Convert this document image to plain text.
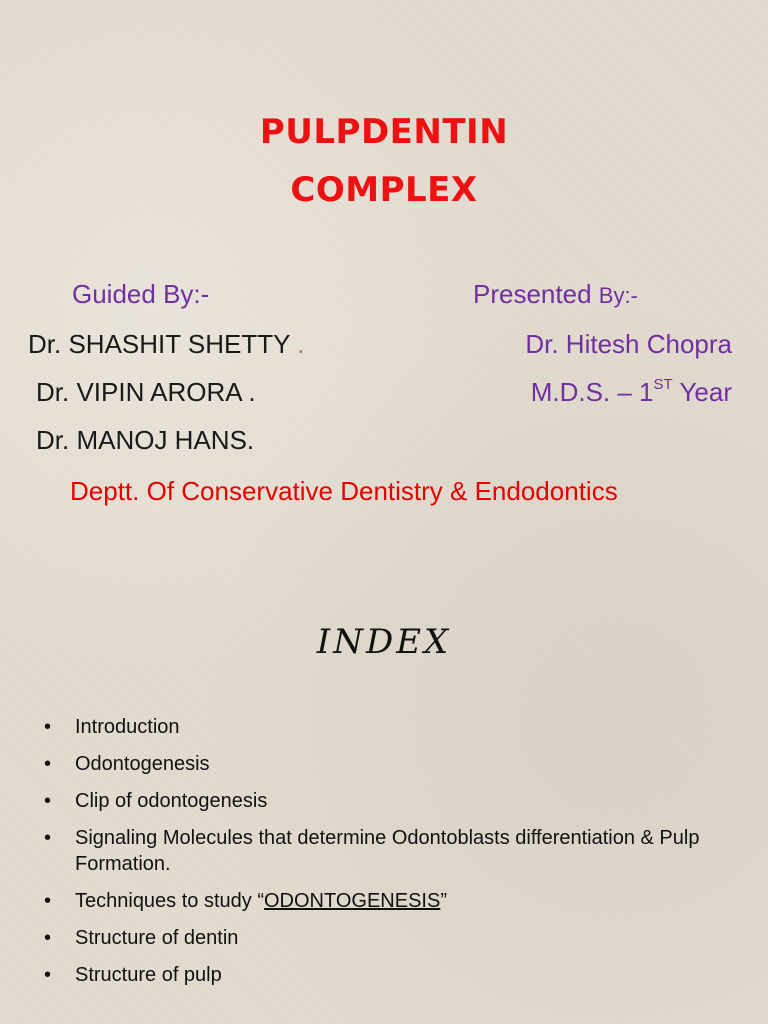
PULPDENTIN
COMPLEX
Guided By:-	Presented By:-
Dr. SHASHIT SHETTY .
Dr. VIPIN ARORA .
Dr. MANOJ HANS.
Dr. Hitesh Chopra
M.D.S. – 1ST Year
Deptt. Of Conservative Dentistry & Endodontics
INDEX
• Introduction
• Odontogenesis
• Clip of odontogenesis
• Signaling Molecules that determine Odontoblasts differentiation & Pulp Formation.
• Techniques to study “ODONTOGENESIS”
• Structure of dentin
• Structure of pulp
